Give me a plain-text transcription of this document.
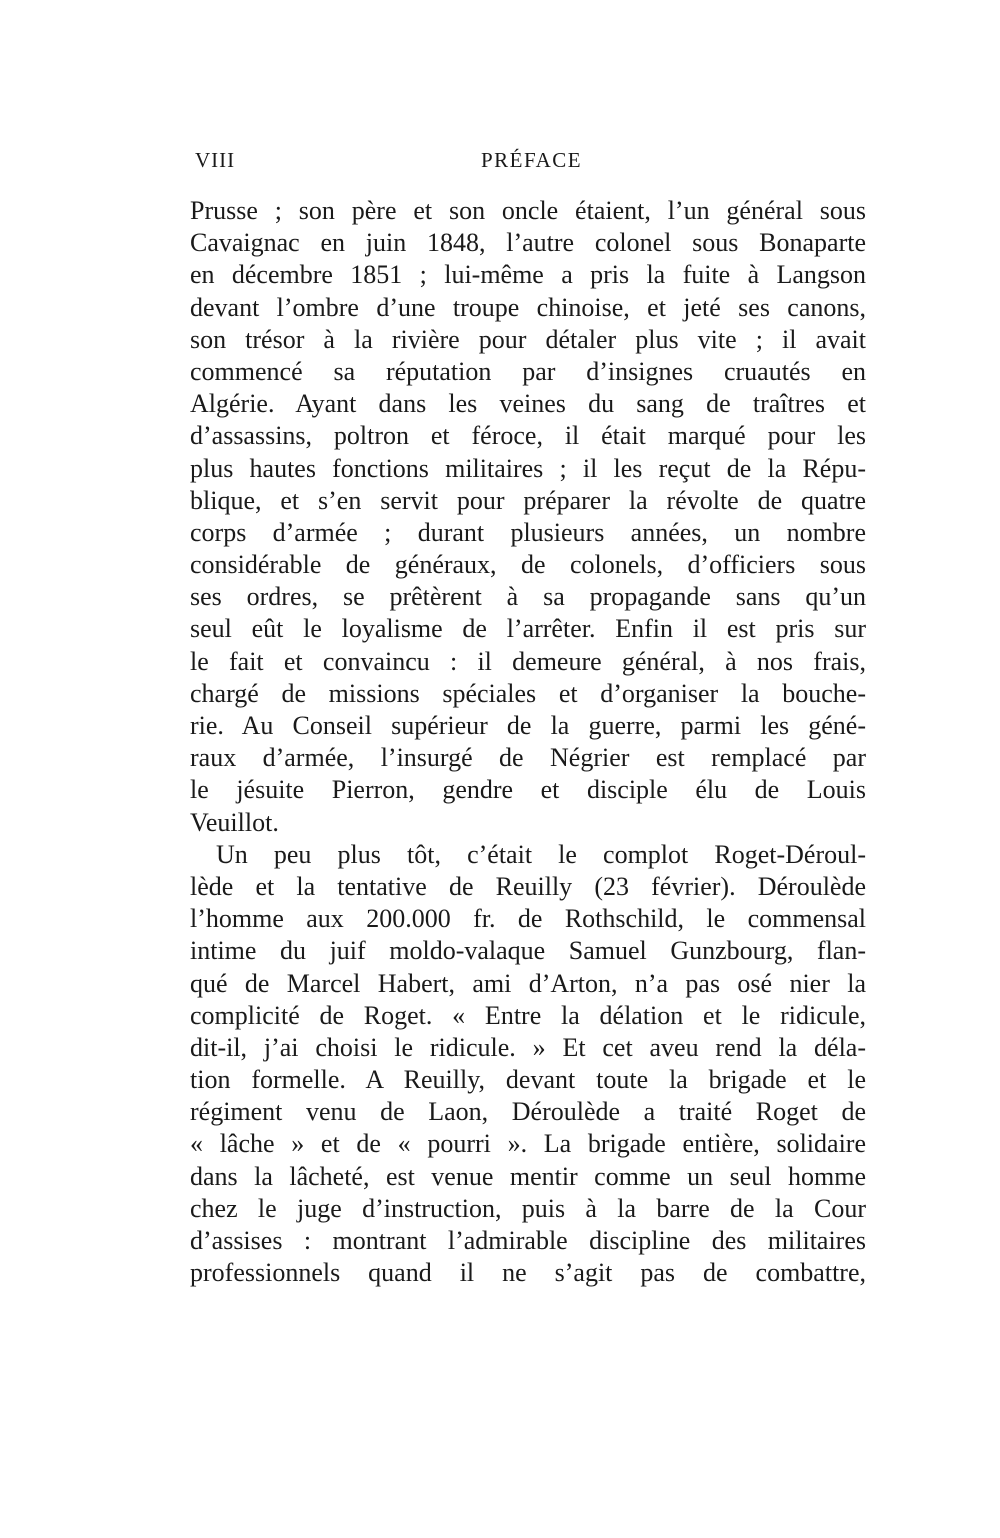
VIII	PRÉFACE
Prusse ; son père et son oncle étaient, l’un général sous
Cavaignac en juin 1848, l’autre colonel sous Bonaparte
en décembre 1851 ; lui-même a pris la fuite à Langson
devant l’ombre d’une troupe chinoise, et jeté ses canons,
son trésor à la rivière pour détaler plus vite ; il avait
commencé sa réputation par d’insignes cruautés en
Algérie. Ayant dans les veines du sang de traîtres et
d’assassins, poltron et féroce, il était marqué pour les
plus hautes fonctions militaires ; il les reçut de la Répu-
blique, et s’en servit pour préparer la révolte de quatre
corps d’armée ; durant plusieurs années, un nombre
considérable de généraux, de colonels, d’officiers sous
ses ordres, se prêtèrent à sa propagande sans qu’un
seul eût le loyalisme de l’arrêter. Enfin il est pris sur
le fait et convaincu : il demeure général, à nos frais,
chargé de missions spéciales et d’organiser la bouche-
rie. Au Conseil supérieur de la guerre, parmi les géné-
raux d’armée, l’insurgé de Négrier est remplacé par
le jésuite Pierron, gendre et disciple élu de Louis
Veuillot.
Un peu plus tôt, c’était le complot Roget-Déroul-
lède et la tentative de Reuilly (23 février). Déroulède
l’homme aux 200.000 fr. de Rothschild, le commensal
intime du juif moldo-valaque Samuel Gunzbourg, flan-
qué de Marcel Habert, ami d’Arton, n’a pas osé nier la
complicité de Roget. « Entre la délation et le ridicule,
dit-il, j’ai choisi le ridicule. » Et cet aveu rend la déla-
tion formelle. A Reuilly, devant toute la brigade et le
régiment venu de Laon, Déroulède a traité Roget de
« lâche » et de « pourri ». La brigade entière, solidaire
dans la lâcheté, est venue mentir comme un seul homme
chez le juge d’instruction, puis à la barre de la Cour
d’assises : montrant l’admirable discipline des militaires
professionnels quand il ne s’agit pas de combattre,
